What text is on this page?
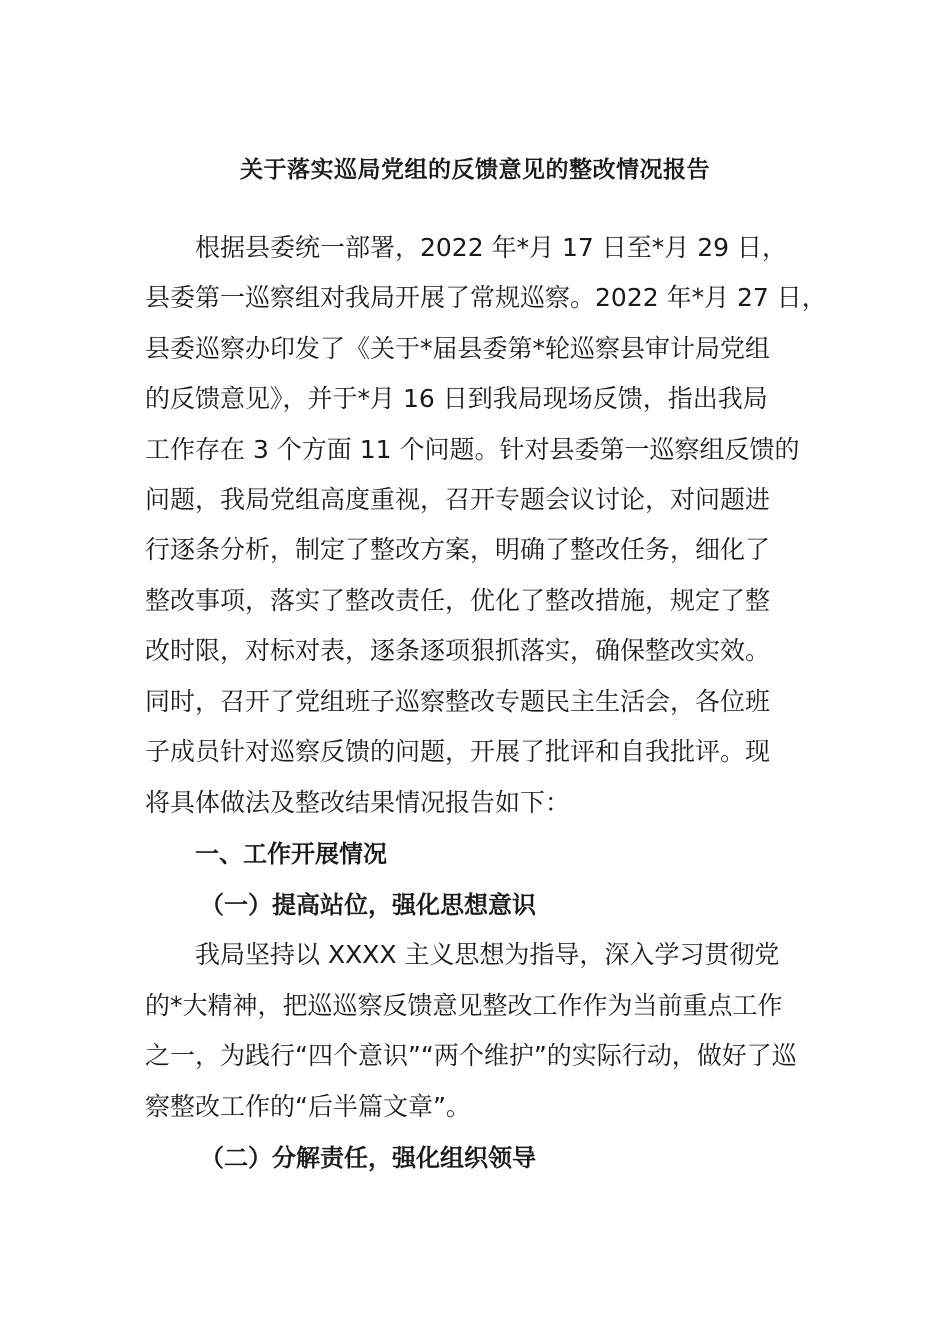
关于落实巡局党组的反馈意见的整改情况报告
根据县委统一部署，2022 年*月 17 日至*月 29 日，
县委第一巡察组对我局开展了常规巡察。2022 年*月 27 日，
县委巡察办印发了《关于*届县委第*轮巡察县审计局党组
的反馈意见》，并于*月 16 日到我局现场反馈，指出我局
工作存在 3 个方面 11 个问题。针对县委第一巡察组反馈的
问题，我局党组高度重视，召开专题会议讨论，对问题进
行逐条分析，制定了整改方案，明确了整改任务，细化了
整改事项，落实了整改责任，优化了整改措施，规定了整
改时限，对标对表，逐条逐项狠抓落实，确保整改实效。
同时，召开了党组班子巡察整改专题民主生活会，各位班
子成员针对巡察反馈的问题，开展了批评和自我批评。现
将具体做法及整改结果情况报告如下：
一、工作开展情况
（一）提高站位，强化思想意识
我局坚持以 XXXX 主义思想为指导，深入学习贯彻党
的*大精神，把巡巡察反馈意见整改工作作为当前重点工作
之一，为践行“四个意识”“两个维护”的实际行动，做好了巡
察整改工作的“后半篇文章”。
（二）分解责任，强化组织领导
